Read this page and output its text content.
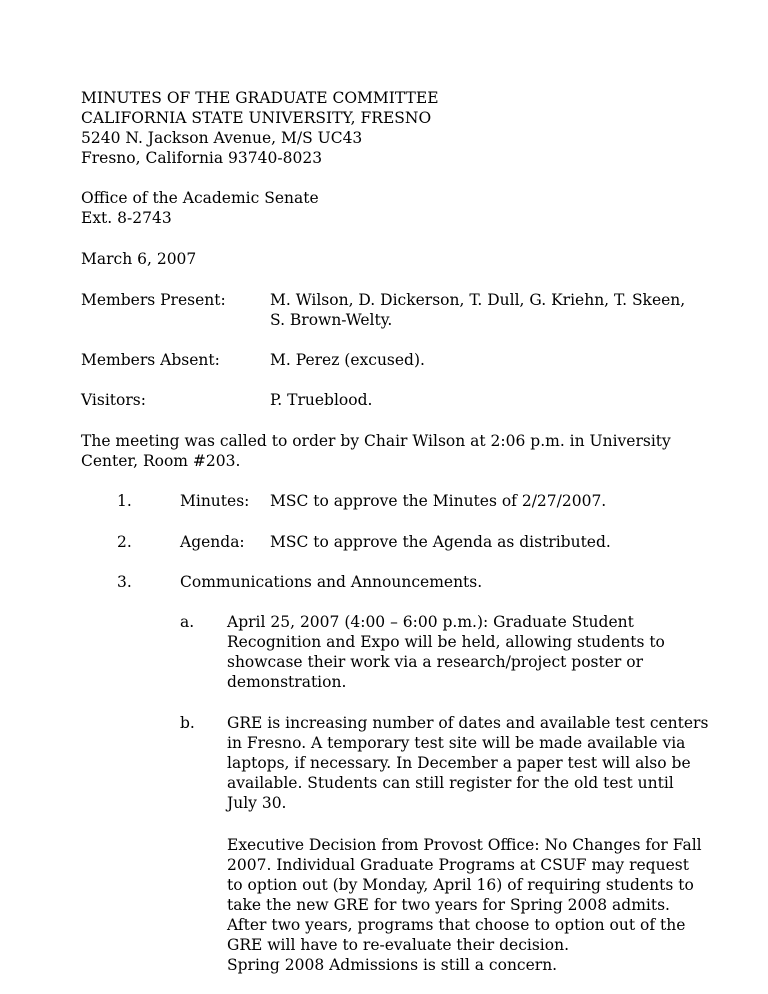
MINUTES OF THE GRADUATE COMMITTEE
CALIFORNIA STATE UNIVERSITY, FRESNO
5240 N. Jackson Avenue, M/S UC43
Fresno, California 93740-8023
Office of the Academic Senate
Ext. 8-2743
March 6, 2007
Members Present:	M. Wilson, D. Dickerson, T. Dull, G. Kriehn, T. Skeen,
S. Brown-Welty.
Members Absent:	M. Perez (excused).
Visitors:	P. Trueblood.
The meeting was called to order by Chair Wilson at 2:06 p.m. in University
Center, Room #203.
1.	Minutes: MSC to approve the Minutes of 2/27/2007.
2.	Agenda: MSC to approve the Agenda as distributed.
3.	Communications and Announcements.
a. April 25, 2007 (4:00 – 6:00 p.m.): Graduate Student
Recognition and Expo will be held, allowing students to
showcase their work via a research/project poster or
demonstration.
b. GRE is increasing number of dates and available test centers
in Fresno. A temporary test site will be made available via
laptops, if necessary. In December a paper test will also be
available. Students can still register for the old test until
July 30.
Executive Decision from Provost Office: No Changes for Fall
2007. Individual Graduate Programs at CSUF may request
to option out (by Monday, April 16) of requiring students to
take the new GRE for two years for Spring 2008 admits.
After two years, programs that choose to option out of the
GRE will have to re-evaluate their decision.
Spring 2008 Admissions is still a concern.
